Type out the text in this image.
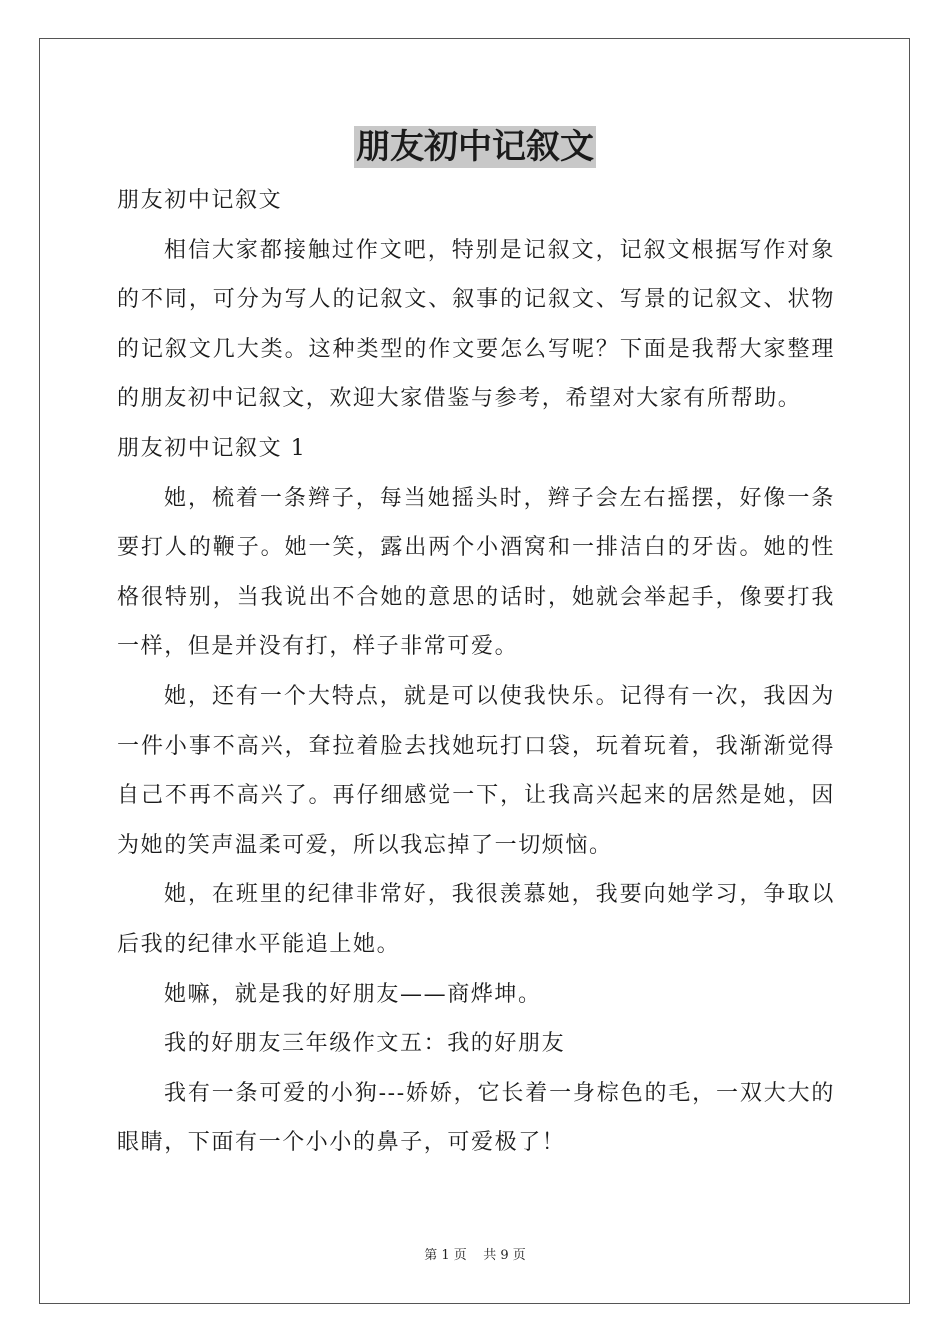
朋友初中记叙文

朋友初中记叙文

相信大家都接触过作文吧，特别是记叙文，记叙文根据写作对象的不同，可分为写人的记叙文、叙事的记叙文、写景的记叙文、状物的记叙文几大类。这种类型的作文要怎么写呢？下面是我帮大家整理的朋友初中记叙文，欢迎大家借鉴与参考，希望对大家有所帮助。

朋友初中记叙文 1

她，梳着一条辫子，每当她摇头时，辫子会左右摇摆，好像一条要打人的鞭子。她一笑，露出两个小酒窝和一排洁白的牙齿。她的性格很特别，当我说出不合她的意思的话时，她就会举起手，像要打我一样，但是并没有打，样子非常可爱。

她，还有一个大特点，就是可以使我快乐。记得有一次，我因为一件小事不高兴，耷拉着脸去找她玩打口袋，玩着玩着，我渐渐觉得自己不再不高兴了。再仔细感觉一下，让我高兴起来的居然是她，因为她的笑声温柔可爱，所以我忘掉了一切烦恼。

她，在班里的纪律非常好，我很羡慕她，我要向她学习，争取以后我的纪律水平能追上她。

她嘛，就是我的好朋友——商烨坤。

我的好朋友三年级作文五：我的好朋友

我有一条可爱的小狗---娇娇，它长着一身棕色的毛，一双大大的眼睛，下面有一个小小的鼻子，可爱极了！

第 1 页    共 9 页
